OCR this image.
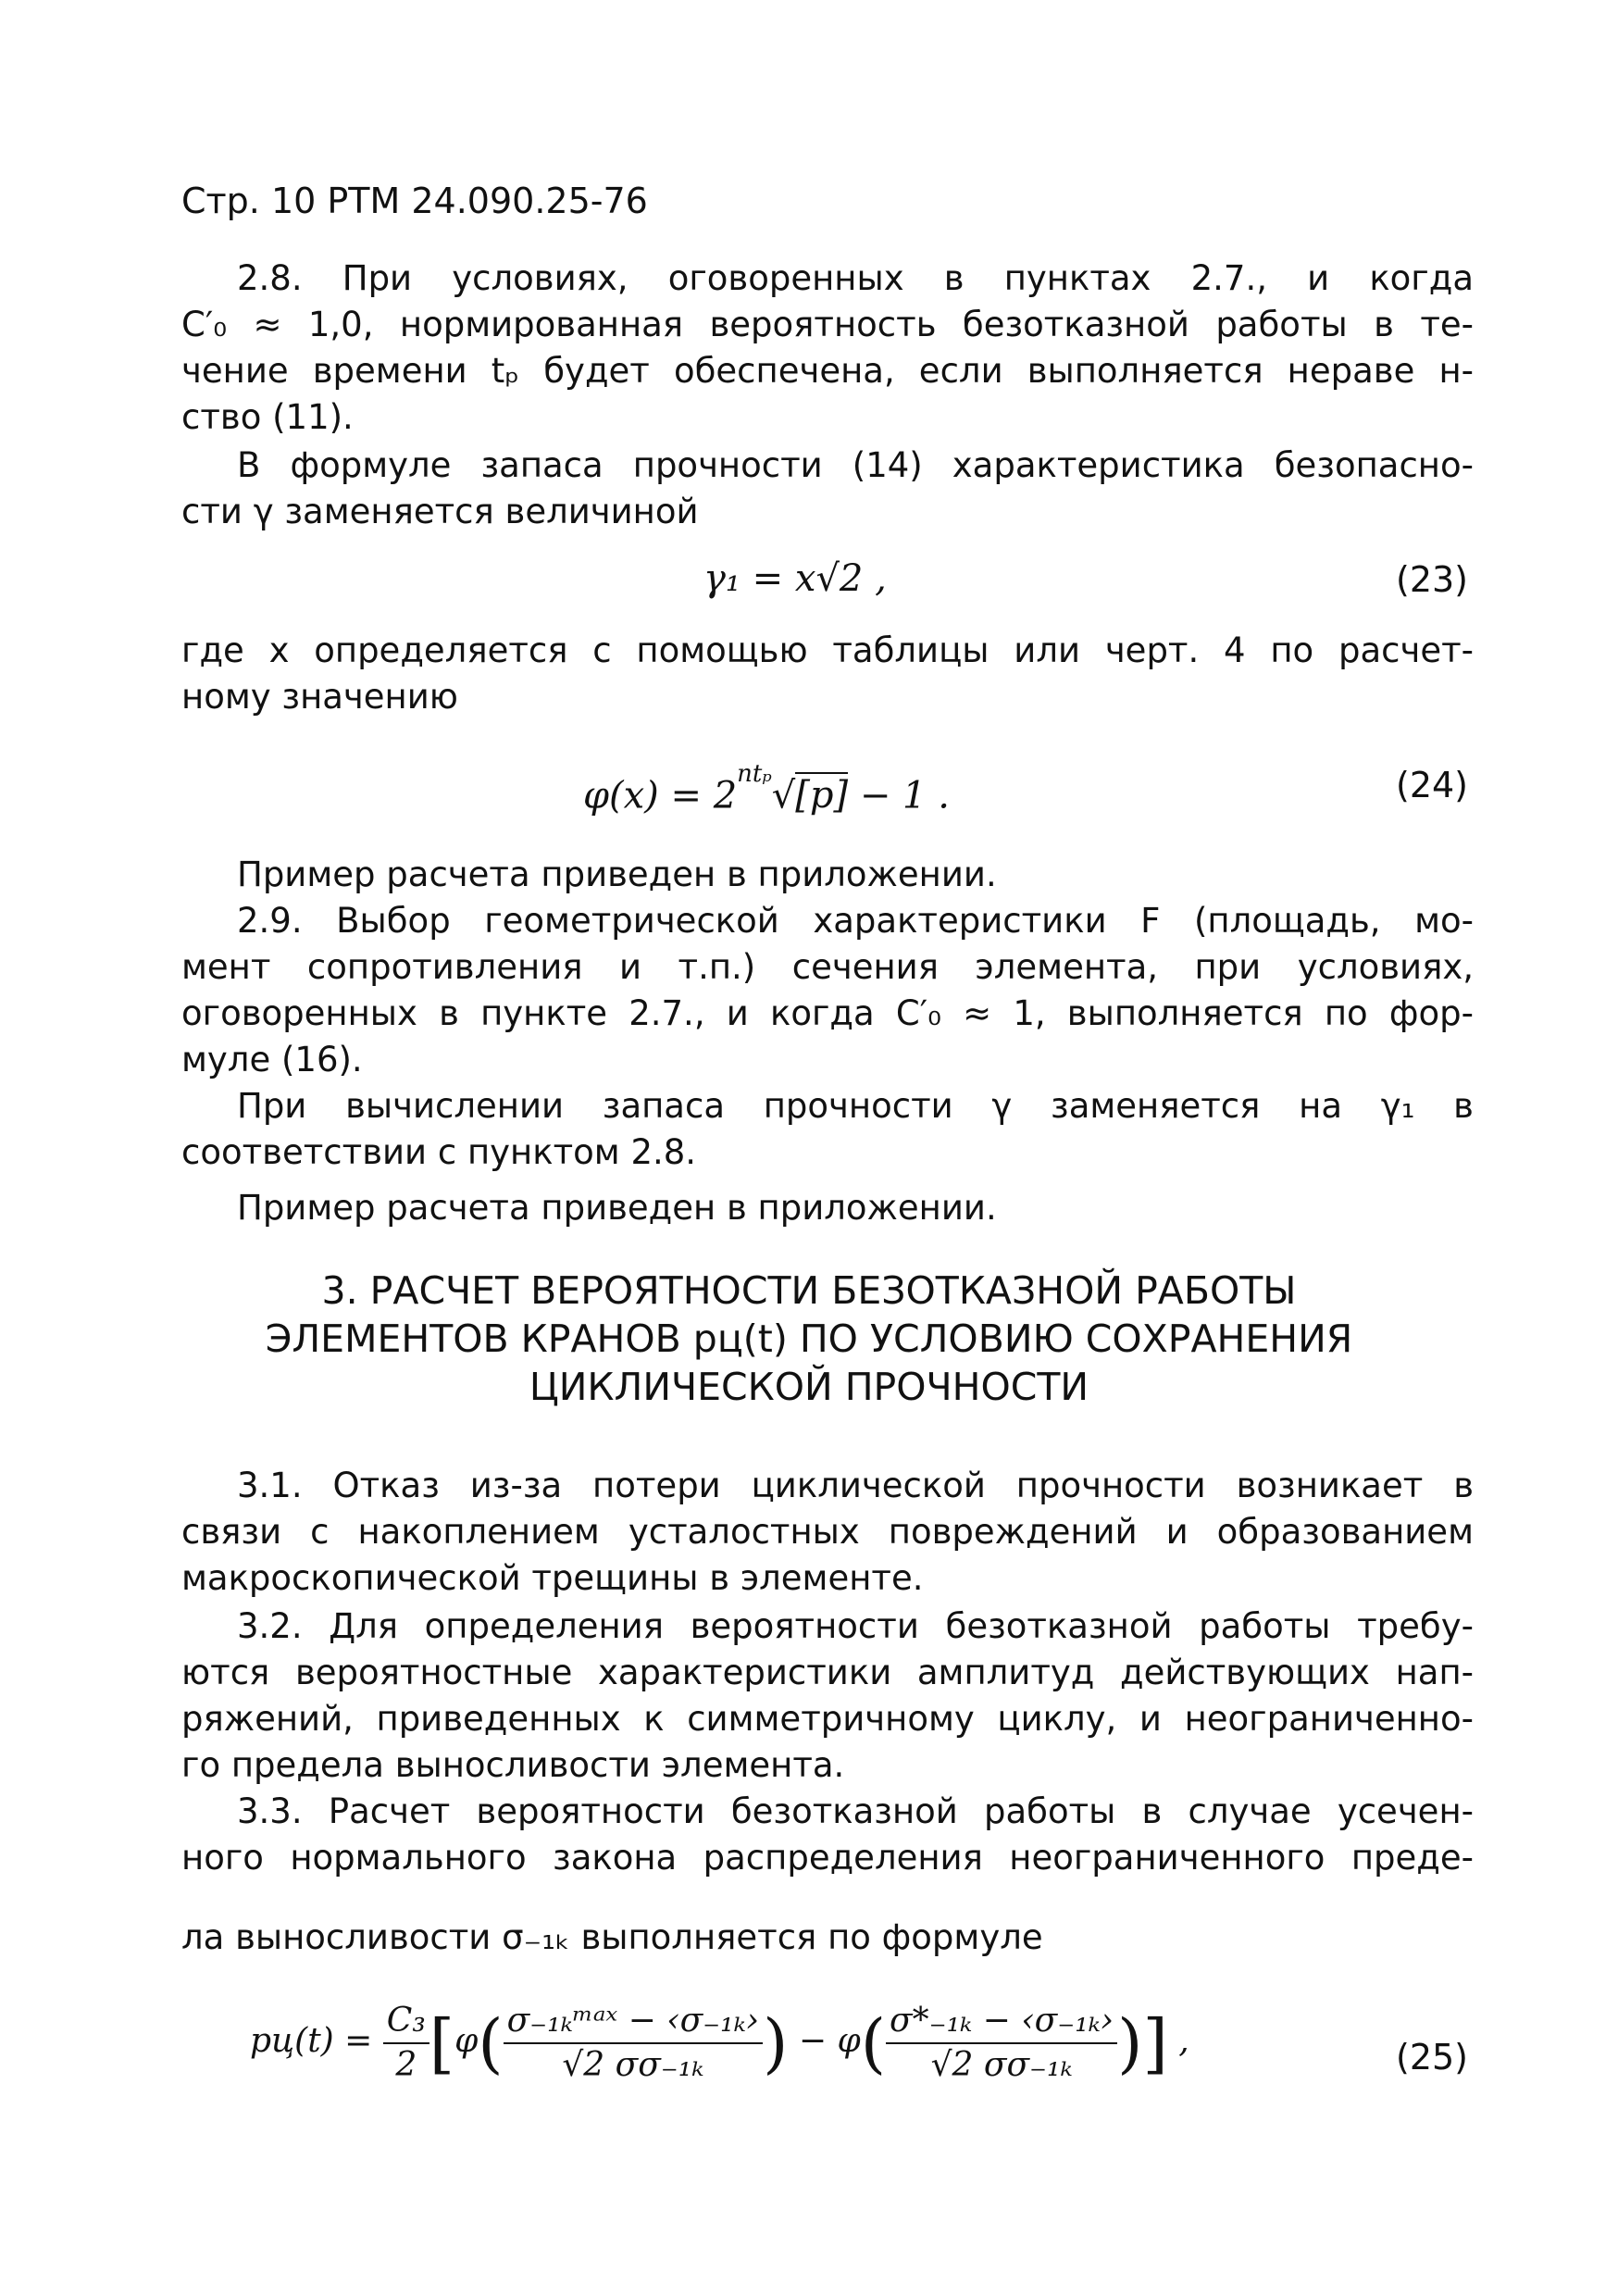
Стр. 10 РТМ 24.090.25-76
2.8. При условиях, оговоренных в пунктах 2.7., и когда
C′₀ ≈ 1,0, нормированная вероятность безотказной работы в те-
чение времени tₚ будет обеспечена, если выполняется нераве н-
ство (11).
В формуле запаса прочности (14) характеристика безопасно-
сти γ заменяется величиной
γ₁ = x√2 ,	(23)
где x определяется с помощью таблицы или черт. 4 по расчет-
ному значению
$\varphi(x) = 2^{nt_p}√[p] - 1$ .	(24)
Пример расчета приведен в приложении.
2.9. Выбор геометрической характеристики F (площадь, мо-
мент сопротивления и т.п.) сечения элемента, при условиях,
оговоренных в пункте 2.7., и когда C′₀ ≈ 1, выполняется по фор-
муле (16).
При вычислении запаса прочности γ заменяется на γ₁ в
соответствии с пунктом 2.8.
Пример расчета приведен в приложении.
3. РАСЧЕТ ВЕРОЯТНОСТИ БЕЗОТКАЗНОЙ РАБОТЫ
ЭЛЕМЕНТОВ КРАНОВ pц(t) ПО УСЛОВИЮ СОХРАНЕНИЯ
ЦИКЛИЧЕСКОЙ ПРОЧНОСТИ
3.1. Отказ из-за потери циклической прочности возникает в
связи с накоплением усталостных повреждений и образованием
макроскопической трещины в элементе.
3.2. Для определения вероятности безотказной работы требу-
ются вероятностные характеристики амплитуд действующих нап-
ряжений, приведенных к симметричному циклу, и неограниченно-
го предела выносливости элемента.
3.3. Расчет вероятности безотказной работы в случае усечен-
ного нормального закона распределения неограниченного преде-
ла выносливости σ₋₁ₖ выполняется по формуле
$pц(t) = \frac{\text{C₃}}{2} [\varphi( \frac{\text{σ₋₁ₖᵐᵃˣ − ‹σ₋₁ₖ›}}{\text{√2 σσ₋₁ₖ}}$ ) − $\varphi( \frac{\text{σ*₋₁ₖ − ‹σ₋₁ₖ›}}{\text{√2 σσ₋₁ₖ}}$ )] ,	(25)
